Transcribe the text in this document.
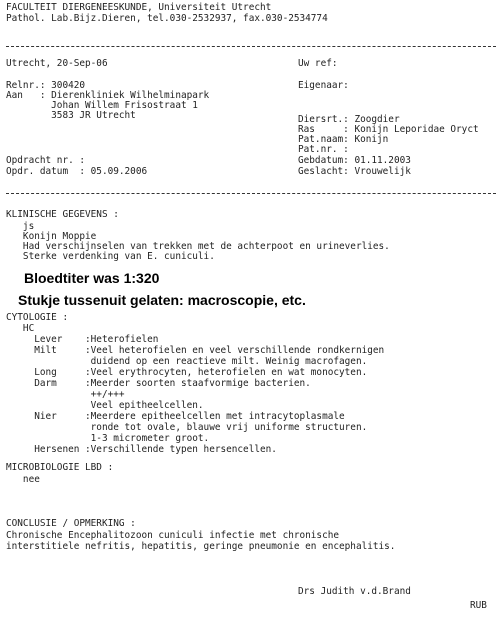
FACULTEIT DIERGENEESKUNDE, Universiteit Utrecht
Pathol. Lab.Bijz.Dieren, tel.030-2532937, fax.030-2534774
Utrecht, 20-Sep-06	Uw ref:
Relnr.: 300420	Eigenaar:
Aan   : Dierenkliniek Wilhelminapark
Johan Willem Frisostraat 1
3583 JR Utrecht	Diersrt.: Zoogdier
Ras     : Konijn Leporidae Oryct
Pat.naam: Konijn
Pat.nr. :
Opdracht nr. :	Gebdatum: 01.11.2003
Opdr. datum  : 05.09.2006	Geslacht: Vrouwelijk
KLINISCHE GEGEVENS :
js
Konijn Moppie
Had verschijnselen van trekken met de achterpoot en urineverlies.
Sterke verdenking van E. cuniculi.
Bloedtiter was 1:320
Stukje tussenuit gelaten: macroscopie, etc.
CYTOLOGIE :
HC
Lever    :Heterofielen
Milt     :Veel heterofielen en veel verschillende rondkernigen
duidend op een reactieve milt. Weinig macrofagen.
Long     :Veel erythrocyten, heterofielen en wat monocyten.
Darm     :Meerder soorten staafvormige bacterien.
++/+++
Veel epitheelcellen.
Nier     :Meerdere epitheelcellen met intracytoplasmale
ronde tot ovale, blauwe vrij uniforme structuren.
1-3 micrometer groot.
Hersenen :Verschillende typen hersencellen.
MICROBIOLOGIE LBD :
nee
CONCLUSIE / OPMERKING :
Chronische Encephalitozoon cuniculi infectie met chronische
interstitiele nefritis, hepatitis, geringe pneumonie en encephalitis.
Drs Judith v.d.Brand
RUB
